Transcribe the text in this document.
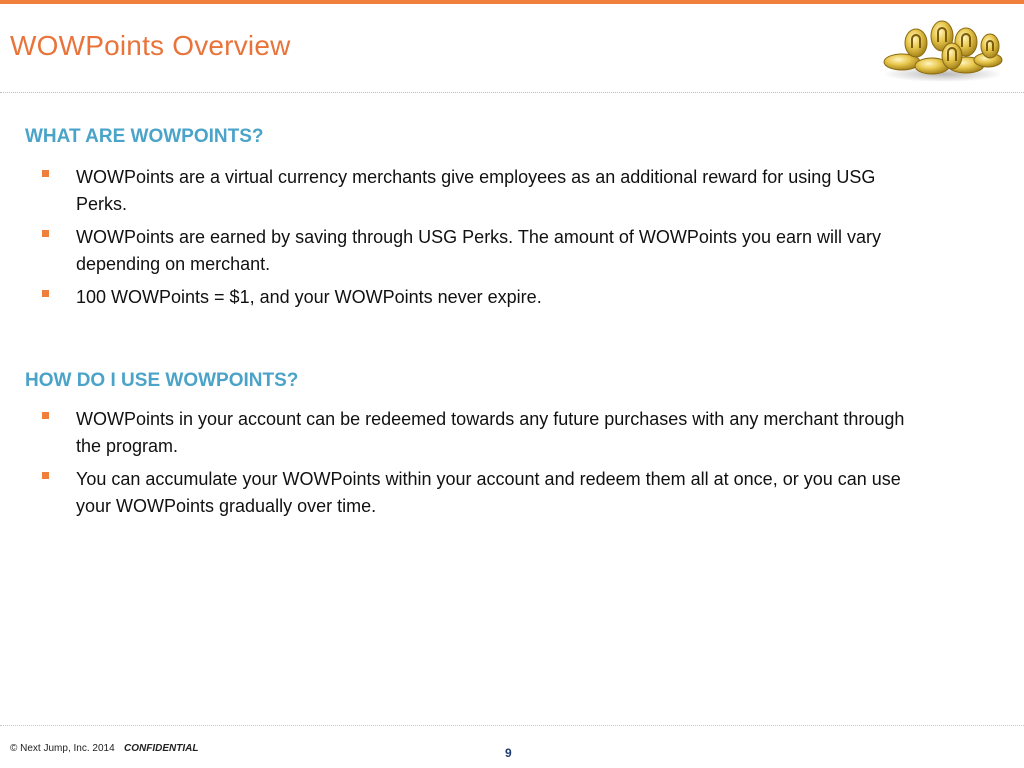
WOWPoints Overview
WHAT ARE WOWPOINTS?
WOWPoints are a virtual currency merchants give employees as an additional reward for using USG Perks.
WOWPoints are earned by saving through USG Perks. The amount of WOWPoints you earn will vary depending on merchant.
100 WOWPoints = $1, and your WOWPoints never expire.
HOW DO I USE WOWPOINTS?
WOWPoints in your account can be redeemed towards any future purchases with any merchant through the program.
You can accumulate your WOWPoints within your account and redeem them all at once, or you can use your WOWPoints gradually over time.
© Next Jump, Inc. 2014 CONFIDENTIAL	9
